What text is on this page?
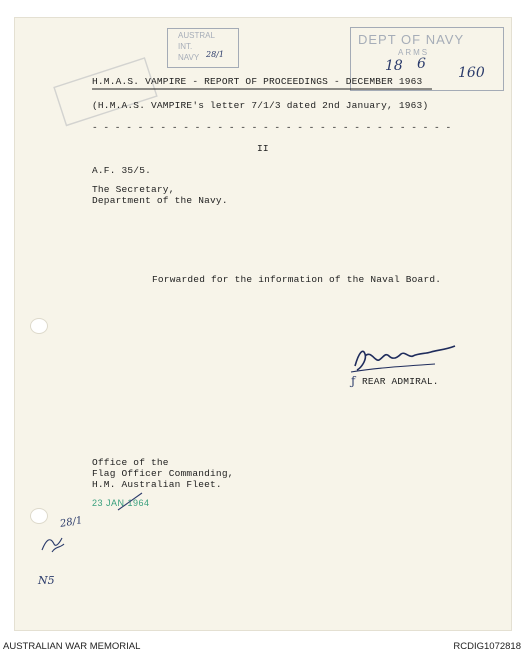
AUSTRAL
INT.
NAVY 28/1
DEPT OF NAVY
ARMS
18 6
160
H.M.A.S. VAMPIRE - REPORT OF PROCEEDINGS - DECEMBER 1963
(H.M.A.S. VAMPIRE's letter 7/1/3 dated 2nd January, 1963)
- - - - - - - - - - - - - - - - - - - - - - - - - - - - - - - -
II
A.F. 35/5.
The Secretary,
Department of the Navy.
Forwarded for the information of the Naval Board.
ƒ REAR ADMIRAL.
Office of the
Flag Officer Commanding,
H.M. Australian Fleet.
23 JAN 1964
28/1
N5
AUSTRALIAN WAR MEMORIAL	RCDIG1072818
